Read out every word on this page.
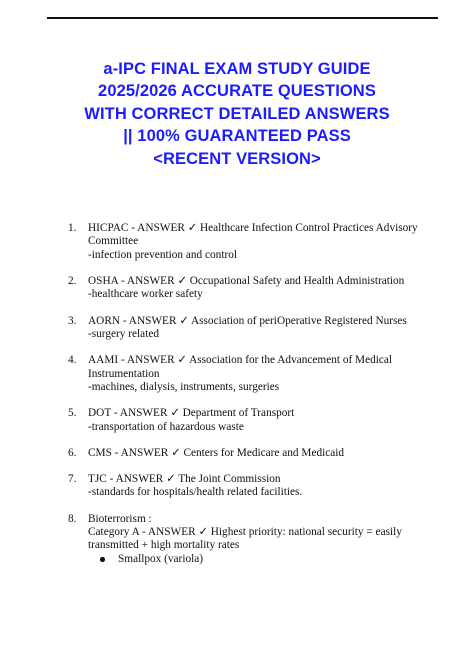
a-IPC FINAL EXAM STUDY GUIDE
2025/2026 ACCURATE QUESTIONS
WITH CORRECT DETAILED ANSWERS
|| 100% GUARANTEED PASS
<RECENT VERSION>
1. HICPAC - ANSWER ✓ Healthcare Infection Control Practices Advisory
Committee
-infection prevention and control
2. OSHA - ANSWER ✓ Occupational Safety and Health Administration
-healthcare worker safety
3. AORN - ANSWER ✓ Association of periOperative Registered Nurses
-surgery related
4. AAMI - ANSWER ✓ Association for the Advancement of Medical
Instrumentation
-machines, dialysis, instruments, surgeries
5. DOT - ANSWER ✓ Department of Transport
-transportation of hazardous waste
6. CMS - ANSWER ✓ Centers for Medicare and Medicaid
7. TJC - ANSWER ✓ The Joint Commission
-standards for hospitals/health related facilities.
8. Bioterrorism :
Category A - ANSWER ✓ Highest priority: national security = easily
transmitted + high mortality rates
Smallpox (variola)
